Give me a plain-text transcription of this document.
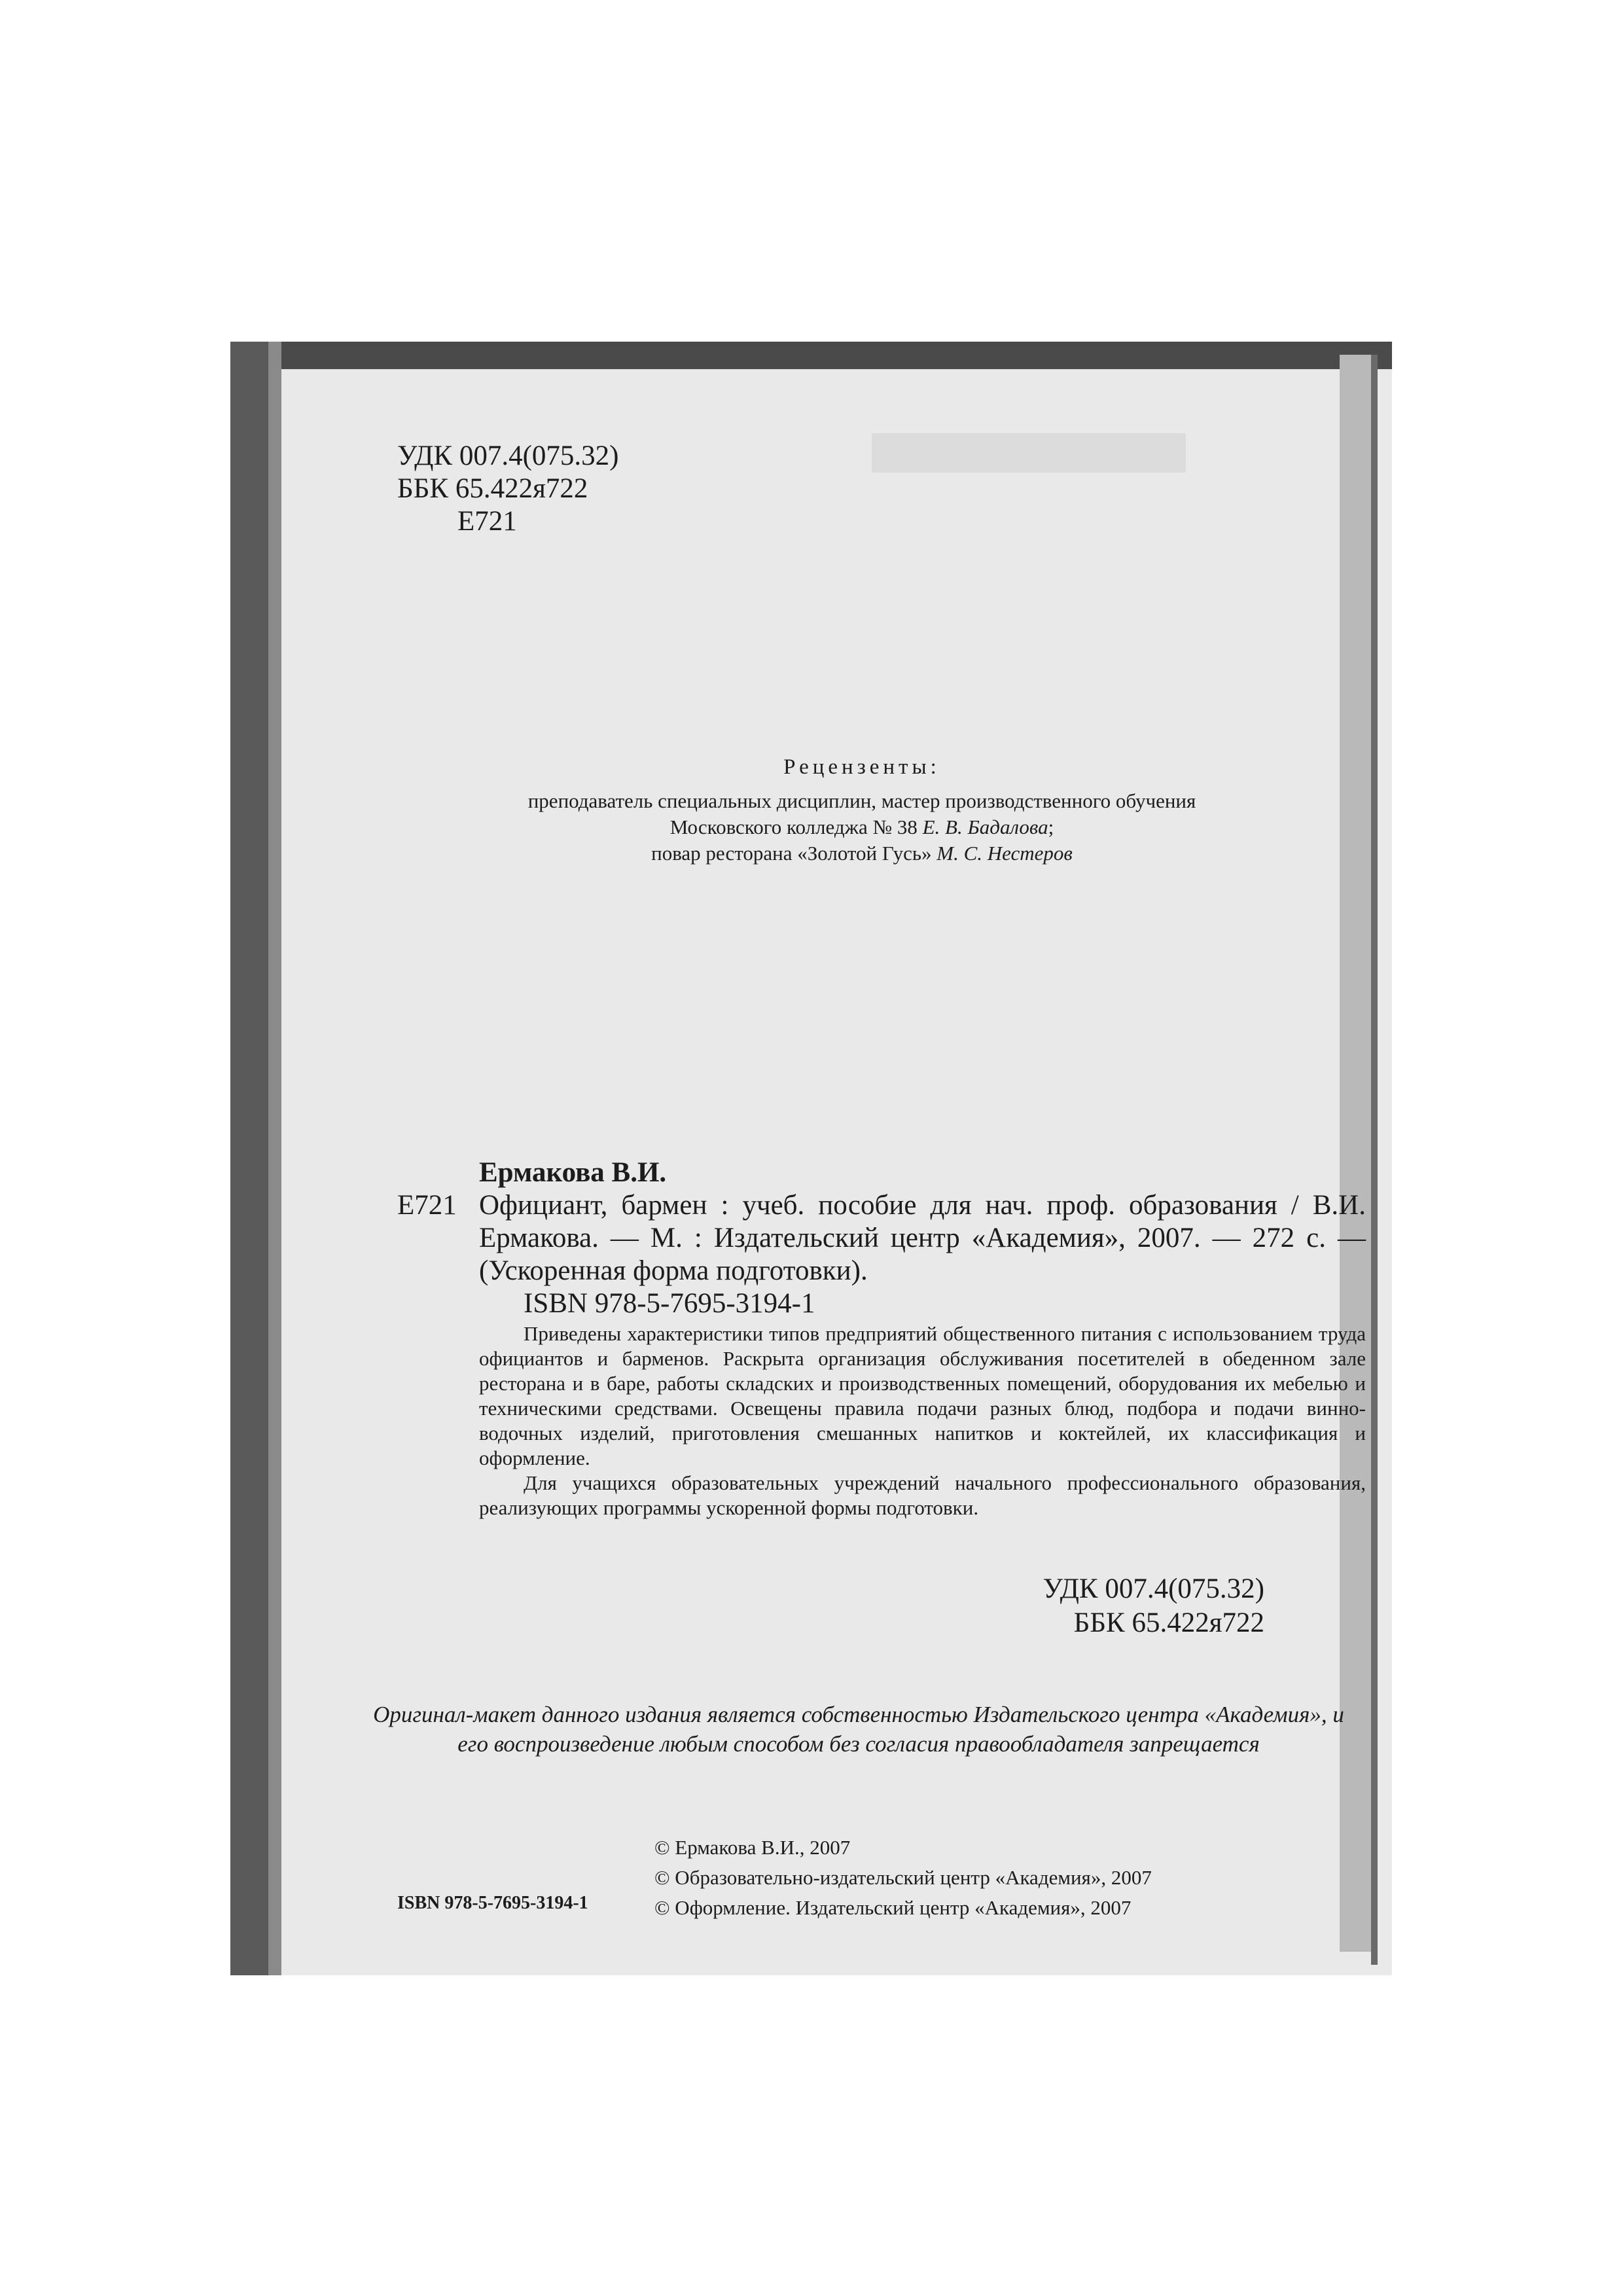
УДК 007.4(075.32)
ББК 65.422я722
Е721
Рецензенты:
преподаватель специальных дисциплин, мастер производственного обучения
Московского колледжа № 38 Е. В. Бадалова;
повар ресторана «Золотой Гусь» М. С. Нестеров
Ермакова В.И.
Е721 Официант, бармен : учеб. пособие для нач. проф. образования / В.И. Ермакова. — М. : Издательский центр «Академия», 2007. — 272 с. — (Ускоренная форма подготовки).
ISBN 978-5-7695-3194-1

Приведены характеристики типов предприятий общественного питания с использованием труда официантов и барменов. Раскрыта организация обслуживания посетителей в обеденном зале ресторана и в баре, работы складских и производственных помещений, оборудования их мебелью и техническими средствами. Освещены правила подачи разных блюд, подбора и подачи винно-водочных изделий, приготовления смешанных напитков и коктейлей, их классификация и оформление.

Для учащихся образовательных учреждений начального профессионального образования, реализующих программы ускоренной формы подготовки.

УДК 007.4(075.32)
ББК 65.422я722
Оригинал-макет данного издания является собственностью Издательского центра «Академия», и его воспроизведение любым способом без согласия правообладателя запрещается
ISBN 978-5-7695-3194-1
© Ермакова В.И., 2007
© Образовательно-издательский центр «Академия», 2007
© Оформление. Издательский центр «Академия», 2007
